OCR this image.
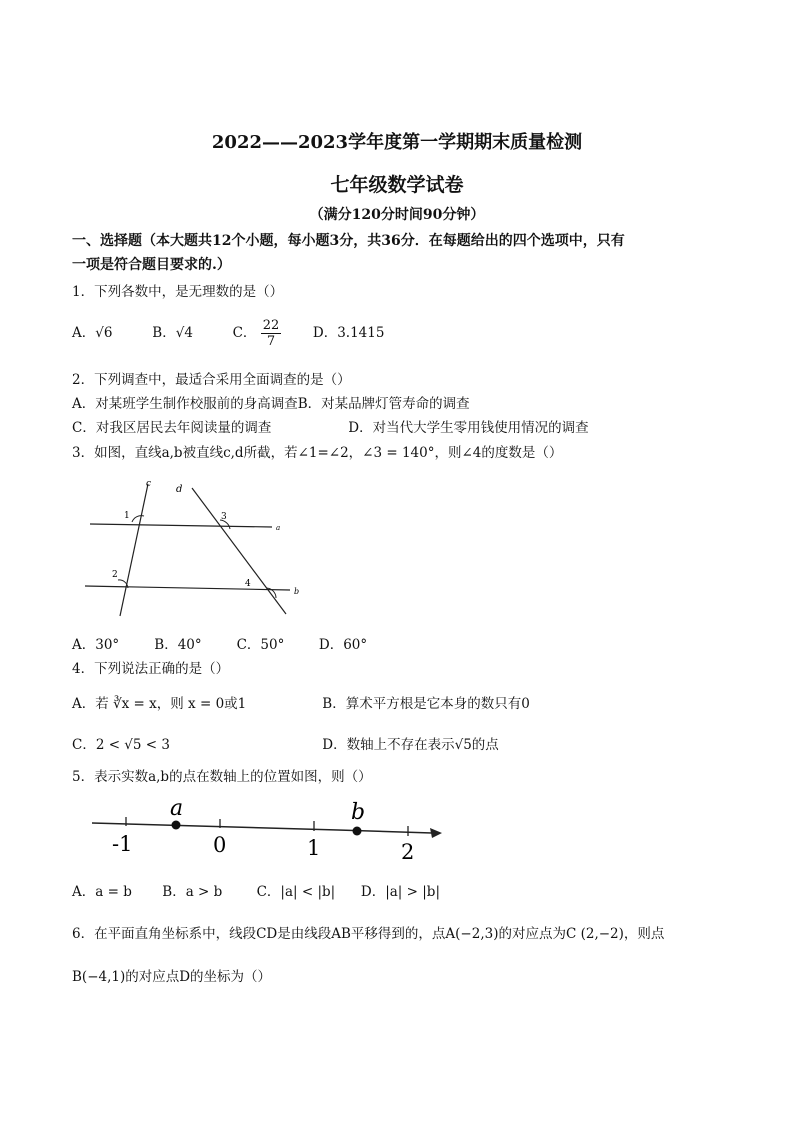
2022——2023学年度第一学期期末质量检测
七年级数学试卷
（满分120分时间90分钟）
一、选择题（本大题共12个小题，每小题3分，共36分．在每题给出的四个选项中，只有
一项是符合题目要求的.）
1．下列各数中，是无理数的是（）
A．√6	B．√4	C． $\frac{22}{7}$ D．3.1415
2．下列调查中，最适合采用全面调查的是（）
A．对某班学生制作校服前的身高调查B．对某品牌灯管寿命的调查
C．对我区居民去年阅读量的调查	D．对当代大学生零用钱使用情况的调查
3．如图，直线a,b被直线c,d所截，若∠1=∠2，∠3 = 140°，则∠4的度数是（）
c d
a
b
1
2
3
4
A．30°	B．40°	C．50°	D．60°
4．下列说法正确的是（）
A．若 ∛x = x，则 x = 0或1	B．算术平方根是它本身的数只有0
C．2 < √5 < 3	D．数轴上不存在表示√5的点
5．表示实数a,b的点在数轴上的位置如图，则（）
a	b
-1	0	1	2
A．a = b B．a > b	C．|a| < |b| D．|a| > |b|
6．在平面直角坐标系中，线段CD是由线段AB平移得到的，点A(−2,3)的对应点为C (2,−2)，则点
B(−4,1)的对应点D的坐标为（）
